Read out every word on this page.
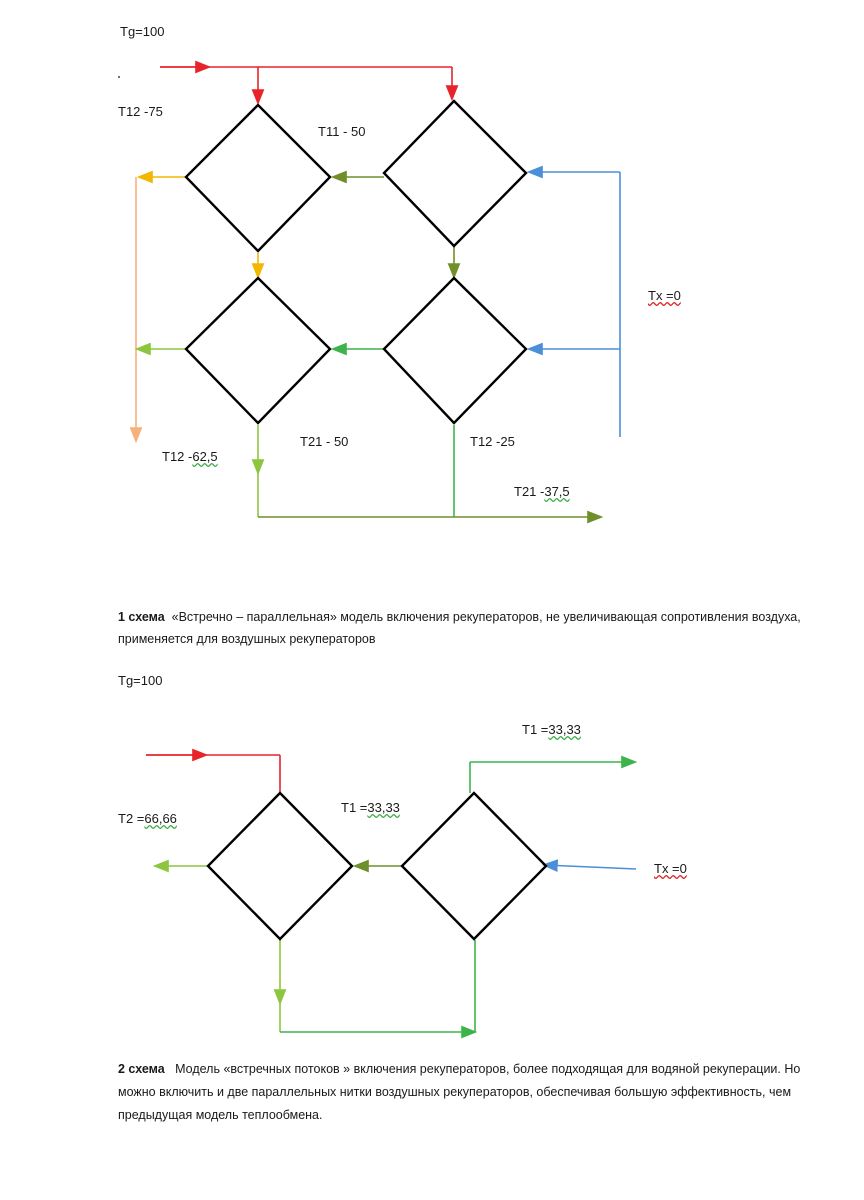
Tg=100
T12 -75
T11 - 50
Tx =0
T12 -62,5
T21 - 50	T12 -25
T21 -37,5
1 схема «Встречно – параллельная» модель включения рекуператоров, не увеличивающая сопротивления воздуха, применяется для воздушных рекуператоров
Tg=100
T1 =33,33
T2 =66,66
T1 =33,33
Tx =0
2 схема Модель «встречных потоков » включения рекуператоров, более подходящая для водяной рекуперации. Но можно включить и две параллельных нитки воздушных рекуператоров, обеспечивая большую эффективность, чем предыдущая модель теплообмена.
